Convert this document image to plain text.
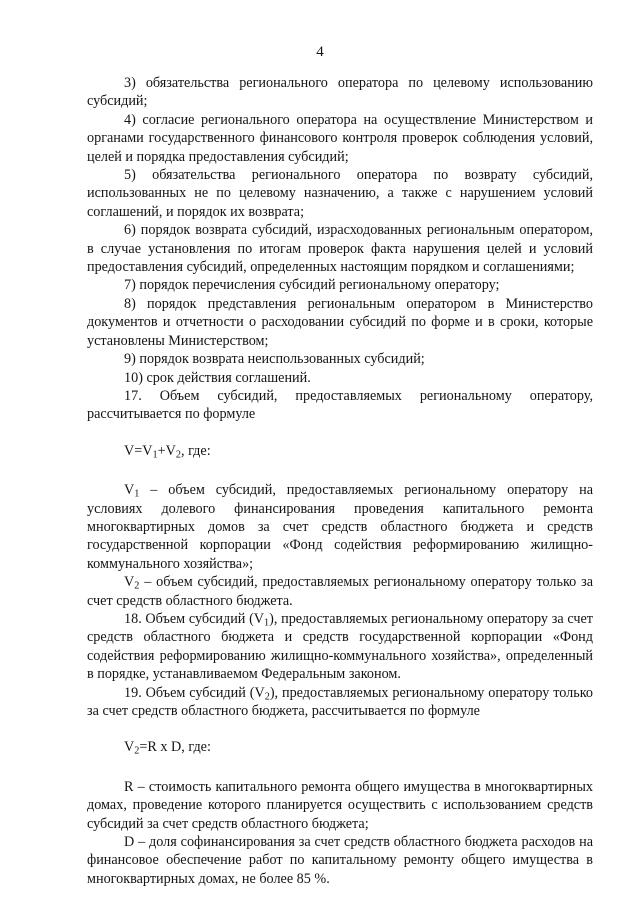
4

3) обязательства регионального оператора по целевому использованию субсидий;

4) согласие регионального оператора на осуществление Министерством и органами государственного финансового контроля проверок соблюдения условий, целей и порядка предоставления субсидий;

5) обязательства регионального оператора по возврату субсидий, использованных не по целевому назначению, а также с нарушением условий соглашений, и порядок их возврата;

6) порядок возврата субсидий, израсходованных региональным оператором, в случае установления по итогам проверок факта нарушения целей и условий предоставления субсидий, определенных настоящим порядком и соглашениями;

7) порядок перечисления субсидий региональному оператору;

8) порядок представления региональным оператором в Министерство документов и отчетности о расходовании субсидий по форме и в сроки, которые установлены Министерством;

9) порядок возврата неиспользованных субсидий;

10) срок действия соглашений.

17. Объем субсидий, предоставляемых региональному оператору, рассчитывается по формуле

$V=V_1+V_2$, где:

$V_1$ – объем субсидий, предоставляемых региональному оператору на условиях долевого финансирования проведения капитального ремонта многоквартирных домов за счет средств областного бюджета и средств государственной корпорации «Фонд содействия реформированию жилищно-коммунального хозяйства»;

$V_2$ – объем субсидий, предоставляемых региональному оператору только за счет средств областного бюджета.

18. Объем субсидий $(V_1)$, предоставляемых региональному оператору за счет средств областного бюджета и средств государственной корпорации «Фонд содействия реформированию жилищно-коммунального хозяйства», определенный в порядке, устанавливаемом Федеральным законом.

19. Объем субсидий $(V_2)$, предоставляемых региональному оператору только за счет средств областного бюджета, рассчитывается по формуле

$V_2=R$ x D, где:

R – стоимость капитального ремонта общего имущества в многоквартирных домах, проведение которого планируется осуществить с использованием средств субсидий за счет средств областного бюджета;

D – доля софинансирования за счет средств областного бюджета расходов на финансовое обеспечение работ по капитальному ремонту общего имущества в многоквартирных домах, не более 85 %.
